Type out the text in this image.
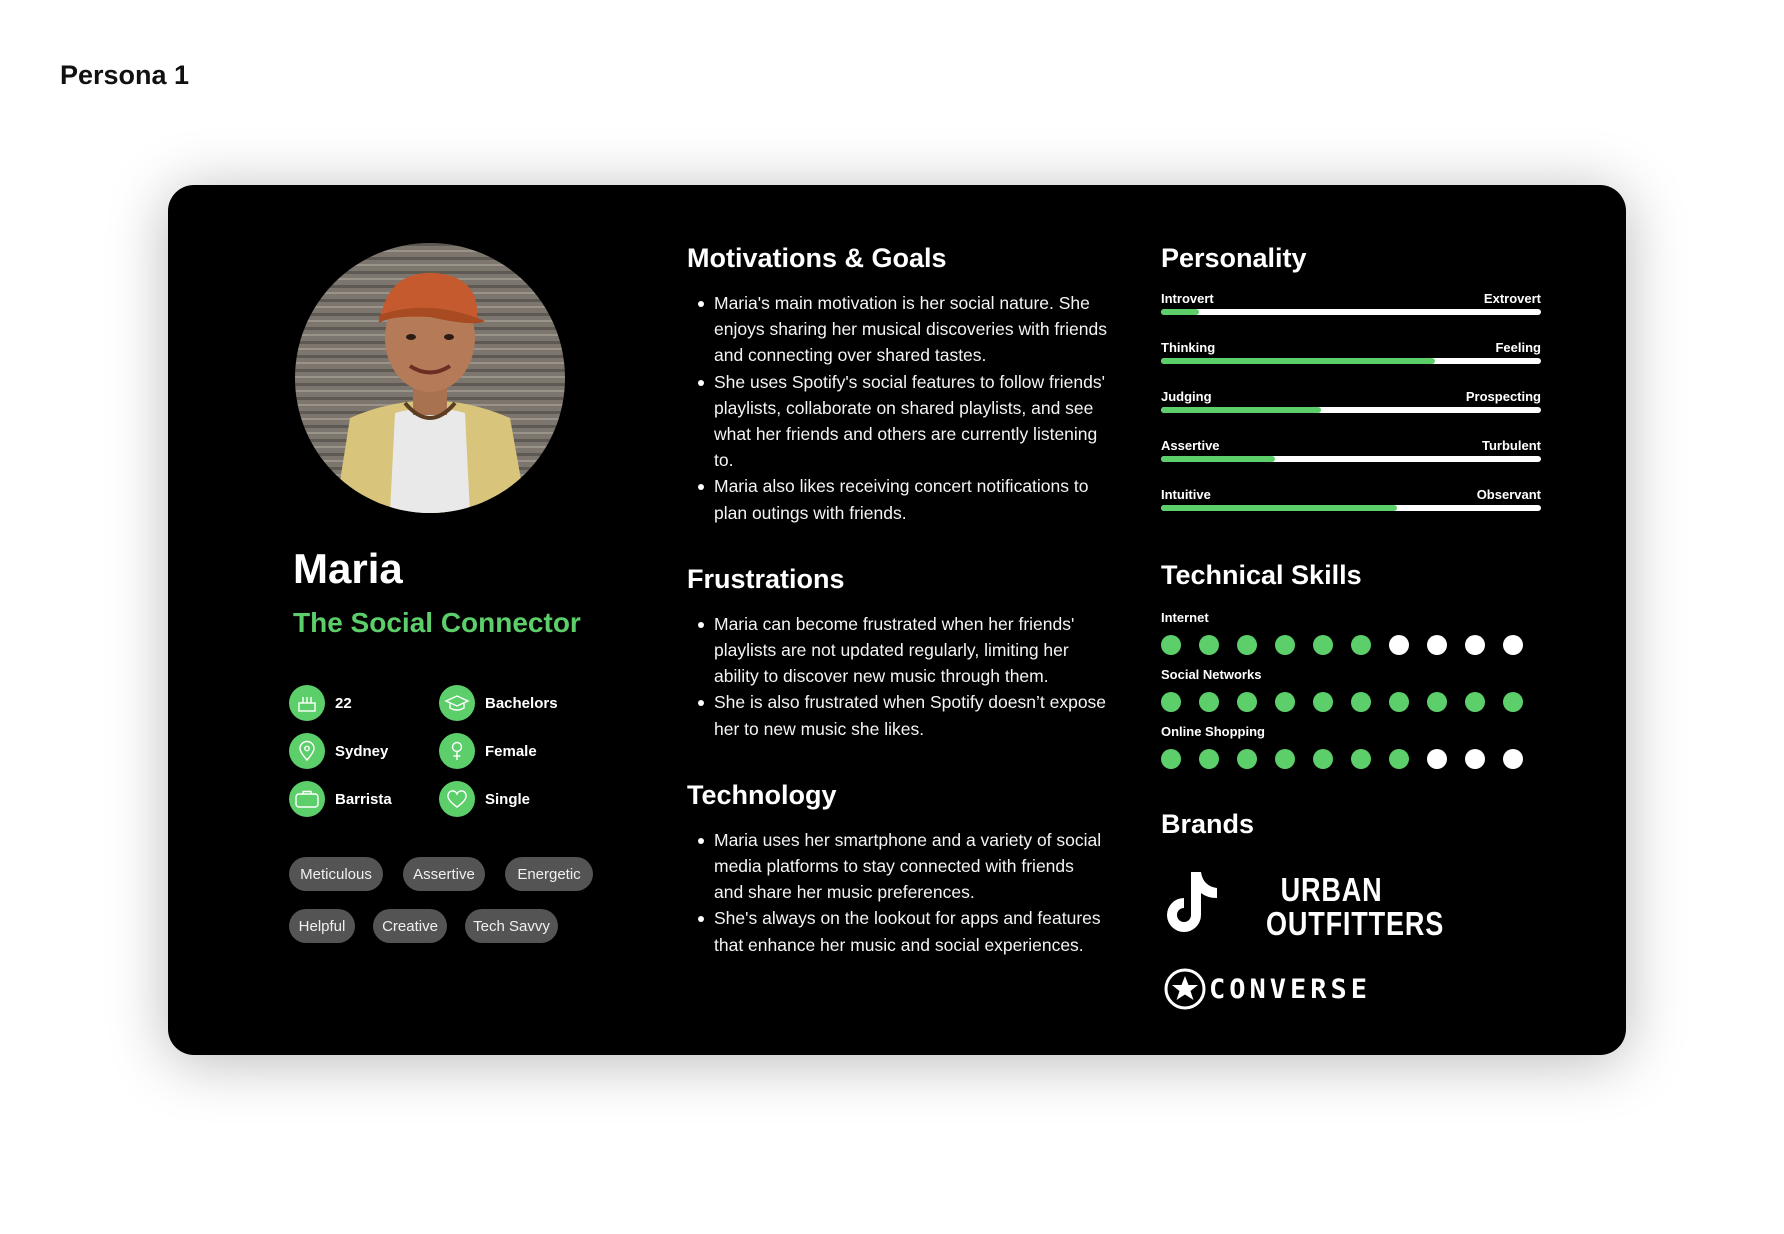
Persona 1
Maria
The Social Connector
22	Bachelors
Sydney	Female
Barrista	Single
Meticulous	Assertive	Energetic
Helpful	Creative	Tech Savvy
Motivations & Goals
Maria's main motivation is her social nature. She enjoys sharing her musical discoveries with friends and connecting over shared tastes.
She uses Spotify's social features to follow friends' playlists, collaborate on shared playlists, and see what her friends and others are currently listening to.
Maria also likes receiving concert notifications to plan outings with friends.
Frustrations
Maria can become frustrated when her friends' playlists are not updated regularly, limiting her ability to discover new music through them.
She is also frustrated when Spotify doesn’t expose her to new music she likes.
Technology
Maria uses her smartphone and a variety of social media platforms to stay connected with friends and share her music preferences.
She's always on the lookout for apps and features that enhance her music and social experiences.
Personality
Introvert	Extrovert
Thinking	Feeling
Judging	Prospecting
Assertive	Turbulent
Intuitive	Observant
Technical Skills
Internet
Social Networks
Online Shopping
Brands
URBAN OUTFITTERS
CONVERSE
